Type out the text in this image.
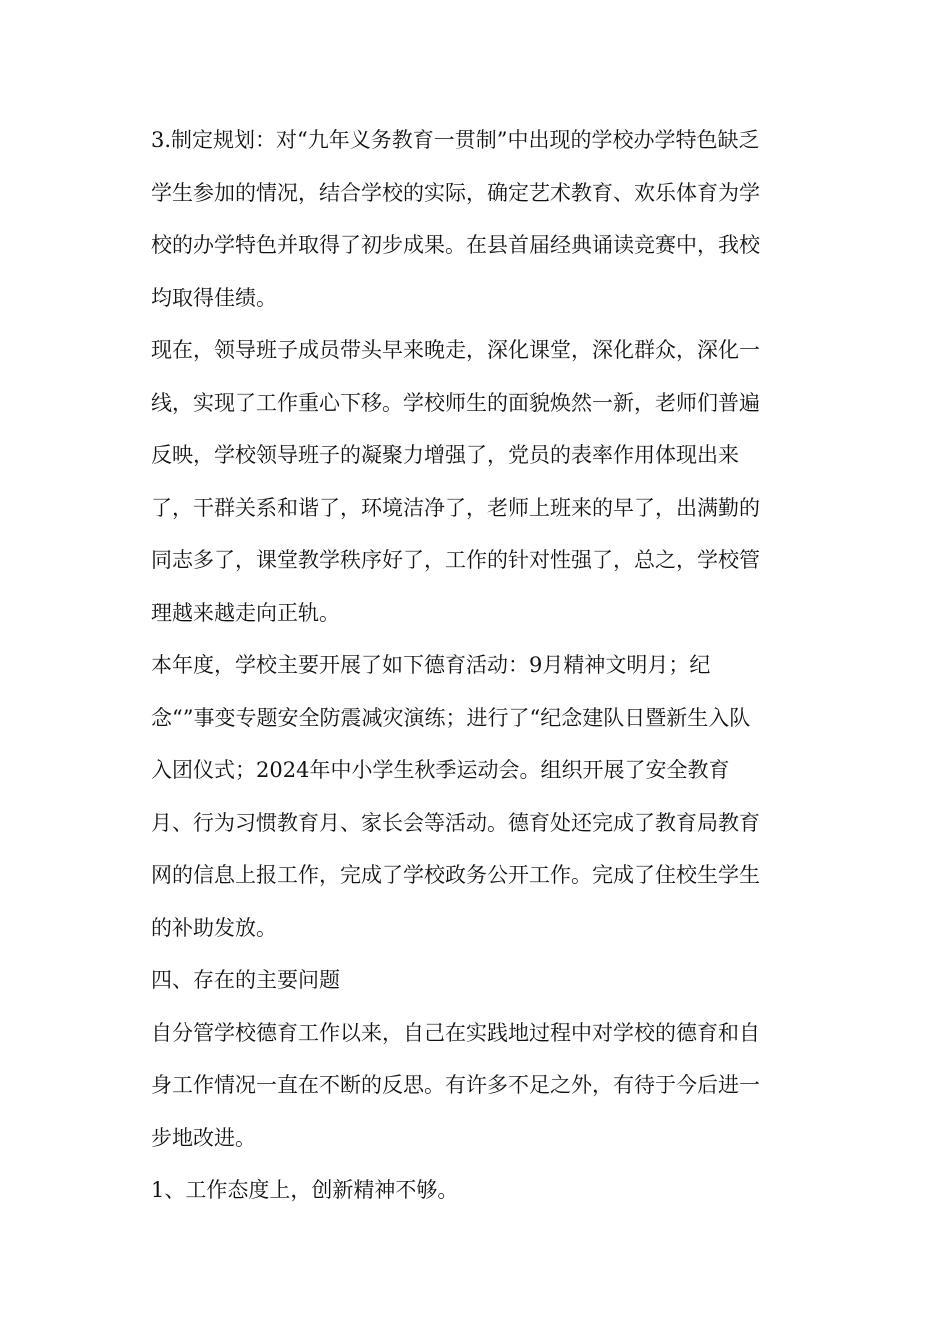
3.制定规划：对“九年义务教育一贯制”中出现的学校办学特色缺乏
学生参加的情况，结合学校的实际，确定艺术教育、欢乐体育为学
校的办学特色并取得了初步成果。在县首届经典诵读竞赛中，我校
均取得佳绩。
现在，领导班子成员带头早来晚走，深化课堂，深化群众，深化一
线，实现了工作重心下移。学校师生的面貌焕然一新，老师们普遍
反映，学校领导班子的凝聚力增强了，党员的表率作用体现出来
了，干群关系和谐了，环境洁净了，老师上班来的早了，出满勤的
同志多了，课堂教学秩序好了，工作的针对性强了，总之，学校管
理越来越走向正轨。
本年度，学校主要开展了如下德育活动：9月精神文明月；纪
念“”事变专题安全防震减灾演练；进行了“纪念建队日暨新生入队
入团仪式；2024年中小学生秋季运动会。组织开展了安全教育
月、行为习惯教育月、家长会等活动。德育处还完成了教育局教育
网的信息上报工作，完成了学校政务公开工作。完成了住校生学生
的补助发放。
四、存在的主要问题
自分管学校德育工作以来，自己在实践地过程中对学校的德育和自
身工作情况一直在不断的反思。有许多不足之外，有待于今后进一
步地改进。
1、工作态度上，创新精神不够。
